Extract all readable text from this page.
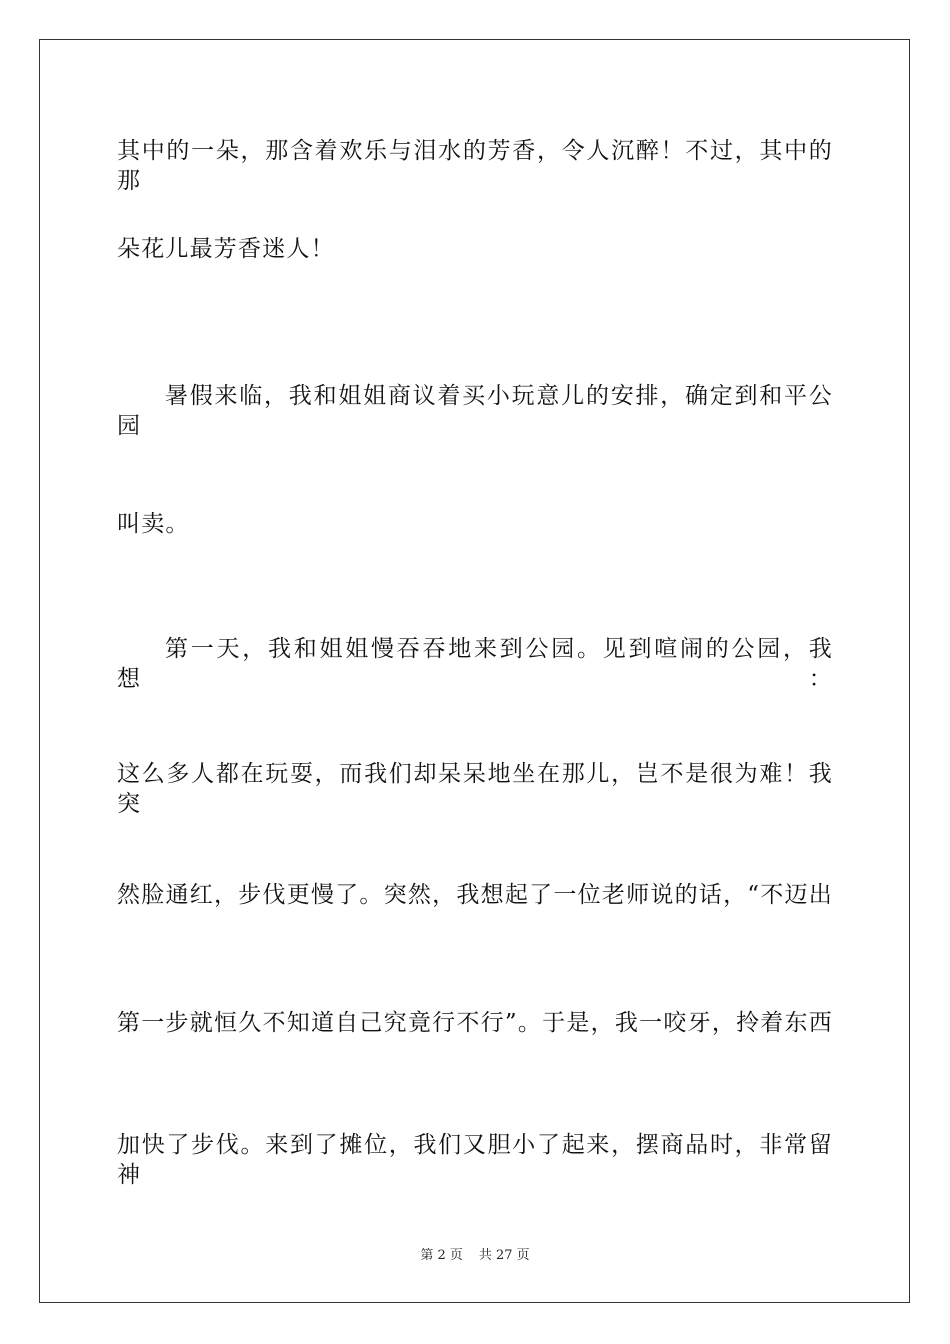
其中的一朵，那含着欢乐与泪水的芳香，令人沉醉！不过，其中的那
朵花儿最芳香迷人！
暑假来临，我和姐姐商议着买小玩意儿的安排，确定到和平公园
叫卖。
第一天，我和姐姐慢吞吞地来到公园。见到喧闹的公园，我想：
这么多人都在玩耍，而我们却呆呆地坐在那儿，岂不是很为难！我突
然脸通红，步伐更慢了。突然，我想起了一位老师说的话，“不迈出
第一步就恒久不知道自己究竟行不行”。于是，我一咬牙，拎着东西
加快了步伐。来到了摊位，我们又胆小了起来，摆商品时，非常留神
第 2 页 共 27 页
